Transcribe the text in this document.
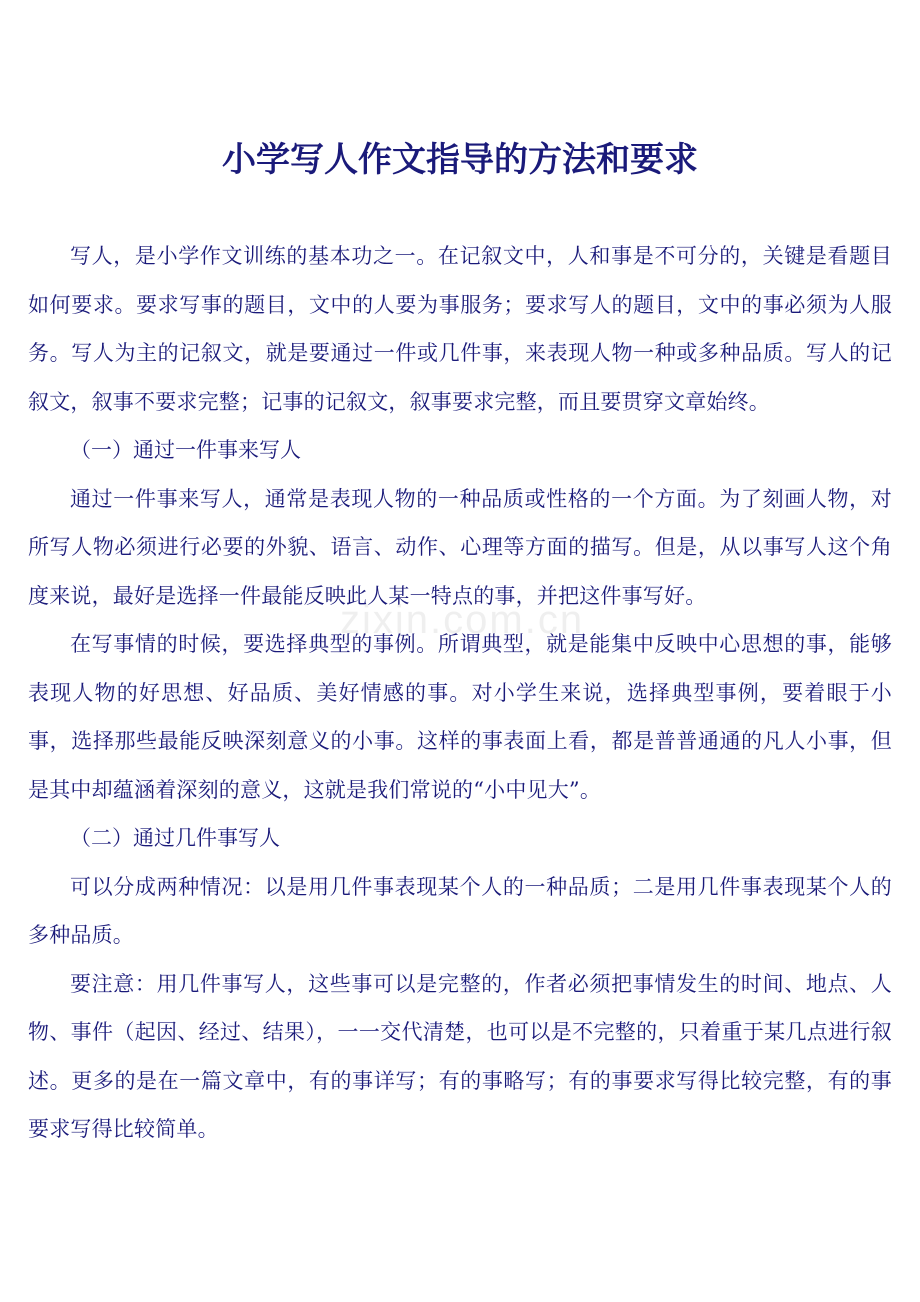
小学写人作文指导的方法和要求

写人，是小学作文训练的基本功之一。在记叙文中，人和事是不可分的，关键是看题目如何要求。要求写事的题目，文中的人要为事服务；要求写人的题目，文中的事必须为人服务。写人为主的记叙文，就是要通过一件或几件事，来表现人物一种或多种品质。写人的记叙文，叙事不要求完整；记事的记叙文，叙事要求完整，而且要贯穿文章始终。

（一）通过一件事来写人

通过一件事来写人，通常是表现人物的一种品质或性格的一个方面。为了刻画人物，对所写人物必须进行必要的外貌、语言、动作、心理等方面的描写。但是，从以事写人这个角度来说，最好是选择一件最能反映此人某一特点的事，并把这件事写好。

在写事情的时候，要选择典型的事例。所谓典型，就是能集中反映中心思想的事，能够表现人物的好思想、好品质、美好情感的事。对小学生来说，选择典型事例，要着眼于小事，选择那些最能反映深刻意义的小事。这样的事表面上看，都是普普通通的凡人小事，但是其中却蕴涵着深刻的意义，这就是我们常说的“小中见大”。

（二）通过几件事写人

可以分成两种情况：以是用几件事表现某个人的一种品质；二是用几件事表现某个人的多种品质。

要注意：用几件事写人，这些事可以是完整的，作者必须把事情发生的时间、地点、人物、事件（起因、经过、结果），一一交代清楚，也可以是不完整的，只着重于某几点进行叙述。更多的是在一篇文章中，有的事详写；有的事略写；有的事要求写得比较完整，有的事要求写得比较简单。

zixin.com.cn
